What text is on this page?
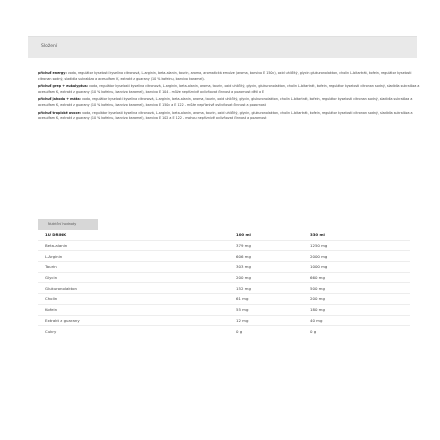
Složení
příchuť energy: voda, regulátor kyselosti kyselina citronová, L-arginin, beta-alanin, taurin, aroma, aromatická emulze (aroma, barvivo E 150c), oxid uhličitý, glycin glukuronolakton, cholin L-bitartrát, kofein, regulátor kyselosti citronan sodný, sladidla sukralóza a acesulfam K, extrakt z guarany (10 % kofeinu, barvivo karamel).
příchuť grep + eukalyptus: voda, regulátor kyselosti kyselina citronová, L-arginin, beta-alanin, aroma, taurin, oxid uhličitý, glycin, glukuronolakton, cholin L-bitartrát, kofein, regulátor kyselosti citronan sodný, sladidla sukralóza a acesulfam K, extrakt z guarany (10 % kofeinu, barvivo karamel), barvivo E 104 - může nepříznivě ovlivňovat činnost a pozornost dětí a E
příchuť jahoda + máta: voda, regulátor kyselosti kyselina citronová, L-arginin, beta-alanin, aroma, taurin, oxid uhličitý, glycin, glukuronolakton, cholin L-bitartrát, kofein, regulátor kyselosti citronan sodný, sladidla sukralóza a acesulfam K, extrakt z guarany (10 % kofeinu, barvivo karamel), barviva E 150c a E 122 - může nepříznivě ovlivňovat činnost a pozornost
příchuť tropické ovoce: voda, regulátor kyselosti kyselina citronová, L-arginin, beta-alanin, aroma, taurin, oxid uhličitý, glycin, glukuronolakton, cholin L-bitartrát, kofein, regulátor kyselosti citronan sodný, sladidla sukralóza a acesulfam K, extrakt z guarany (10 % kofeinu, barvivo karamel), barviva E 102 a E 122 - mohou nepříznivě ovlivňovat činnost a pozornost
Nutriční hodnoty
1U DRINK	100 ml	330 ml
Beta-alanin	379 mg	1250 mg
L-Arginin	606 mg	2000 mg
Taurin	303 mg	1000 mg
Glycin	200 mg	660 mg
Glukuronolakton	152 mg	500 mg
Cholin	61 mg	200 mg
Kofein	55 mg	180 mg
Extrakt z guarany	12 mg	40 mg
Cukry	0 g	0 g
